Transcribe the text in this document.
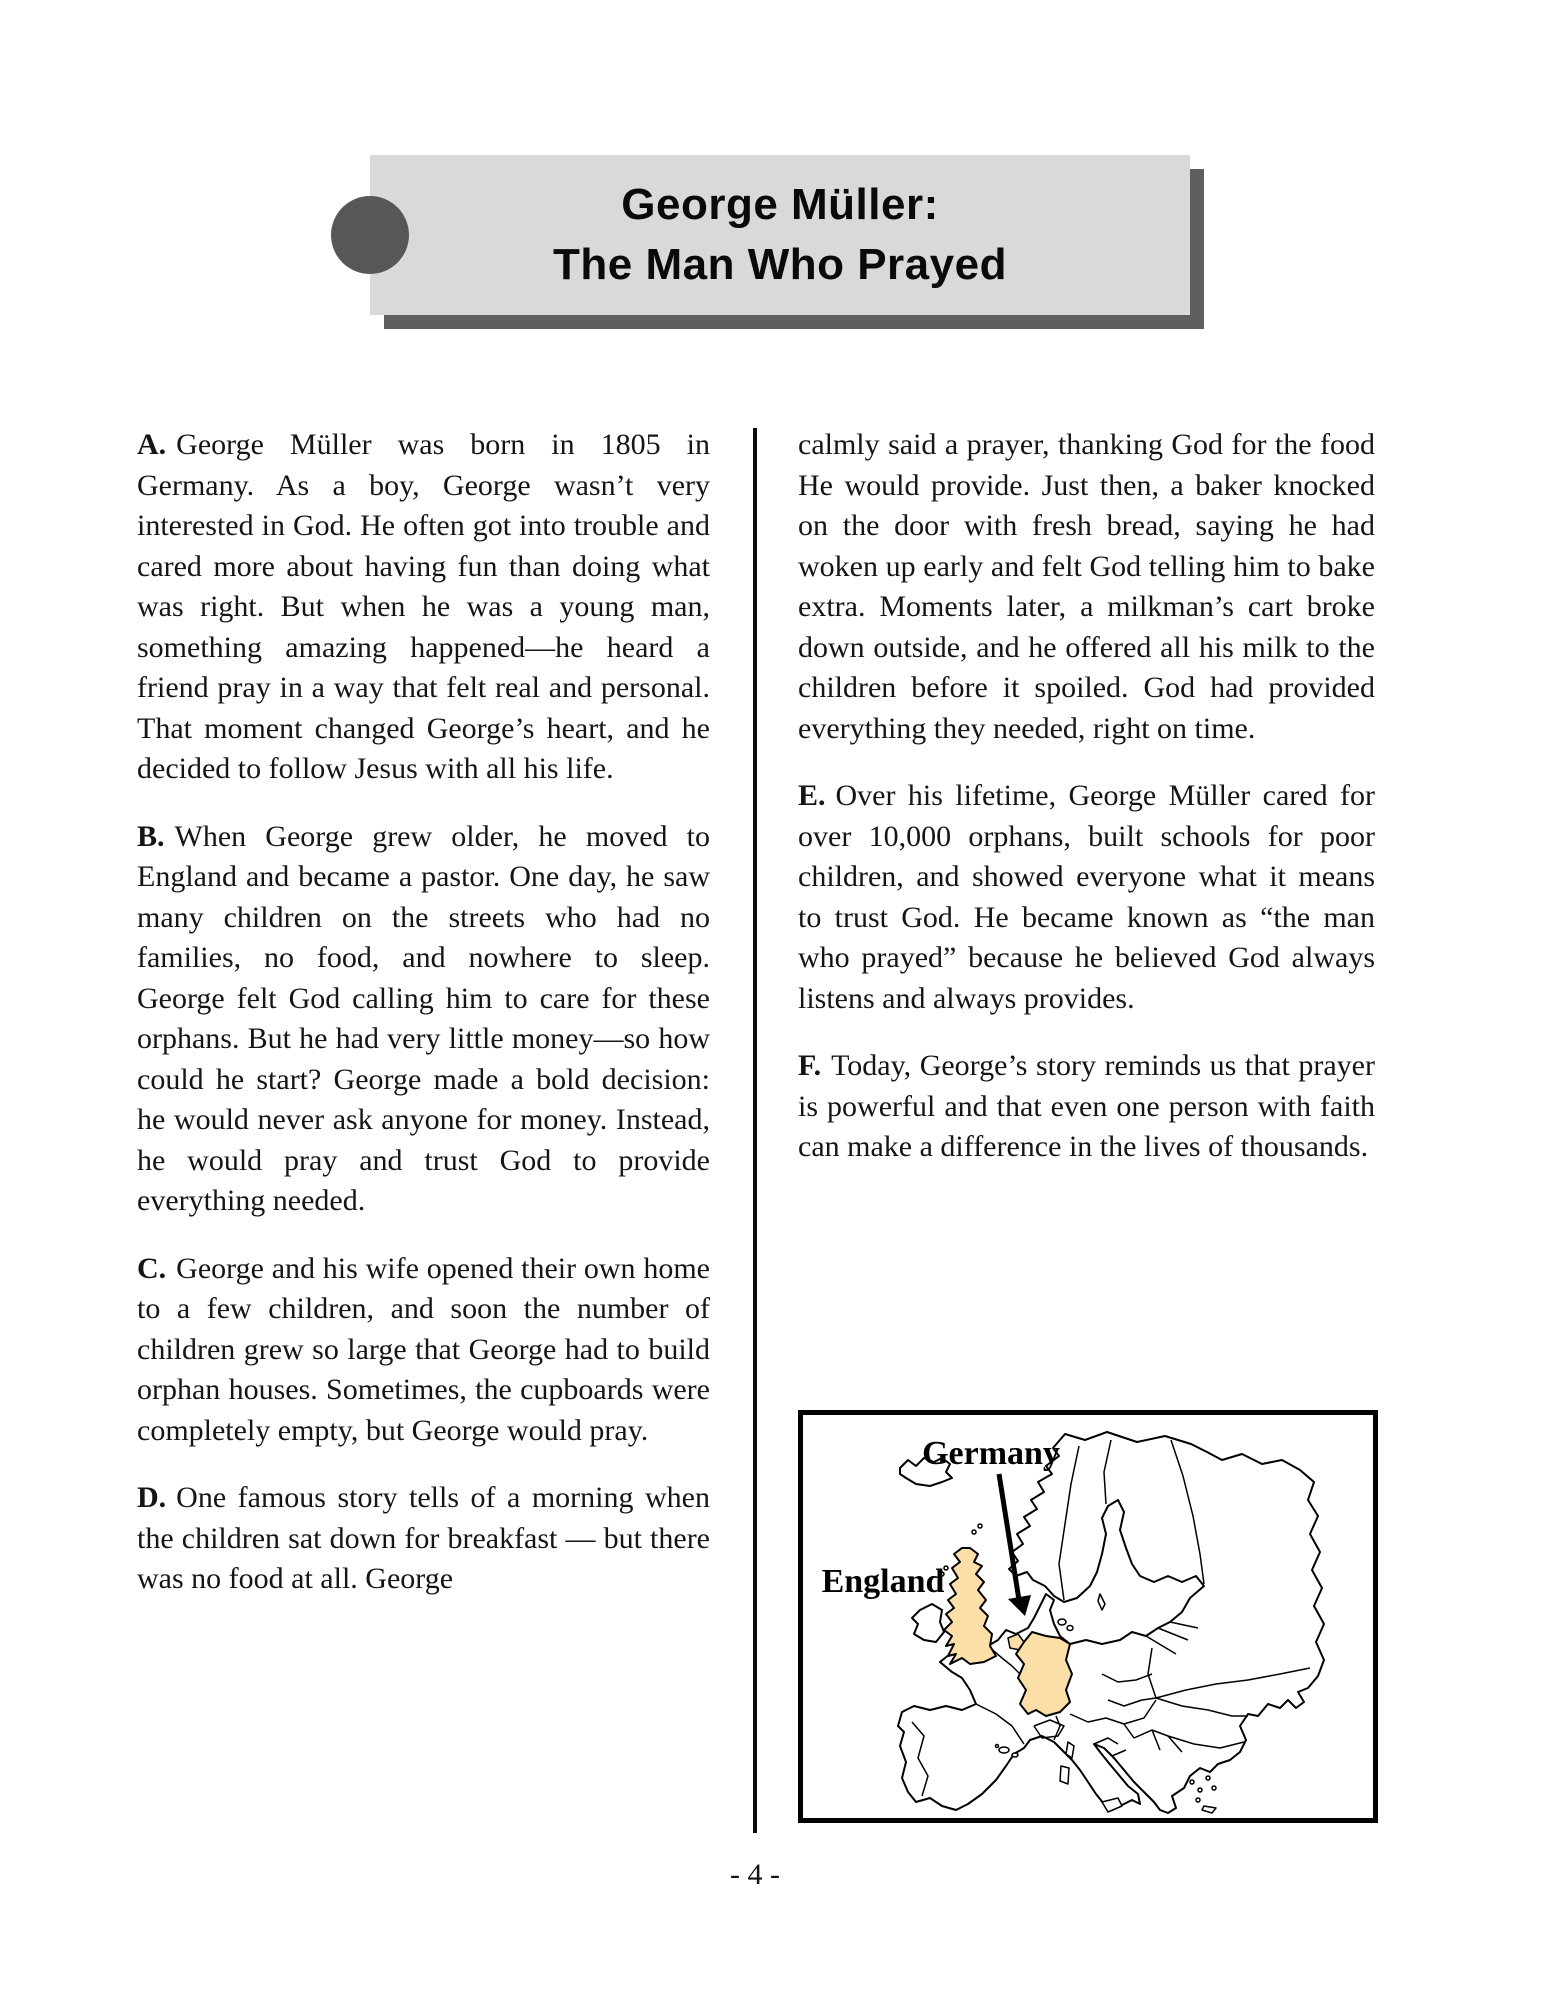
George Müller:
The Man Who Prayed

A. George Müller was born in 1805 in Germany. As a boy, George wasn’t very interested in God. He often got into trouble and cared more about having fun than doing what was right. But when he was a young man, something amazing happened—he heard a friend pray in a way that felt real and personal. That moment changed George’s heart, and he decided to follow Jesus with all his life.

B. When George grew older, he moved to England and became a pastor. One day, he saw many children on the streets who had no families, no food, and nowhere to sleep. George felt God calling him to care for these orphans. But he had very little money—so how could he start? George made a bold decision: he would never ask anyone for money. Instead, he would pray and trust God to provide everything needed.

C. George and his wife opened their own home to a few children, and soon the number of children grew so large that George had to build orphan houses. Sometimes, the cupboards were completely empty, but George would pray.

D. One famous story tells of a morning when the children sat down for breakfast — but there was no food at all. George

calmly said a prayer, thanking God for the food He would provide. Just then, a baker knocked on the door with fresh bread, saying he had woken up early and felt God telling him to bake extra. Moments later, a milkman’s cart broke down outside, and he offered all his milk to the children before it spoiled. God had provided everything they needed, right on time.

E. Over his lifetime, George Müller cared for over 10,000 orphans, built schools for poor children, and showed everyone what it means to trust God. He became known as “the man who prayed” because he believed God always listens and always provides.

F. Today, George’s story reminds us that prayer is powerful and that even one person with faith can make a difference in the lives of thousands.

Germany
England
- 4 -
